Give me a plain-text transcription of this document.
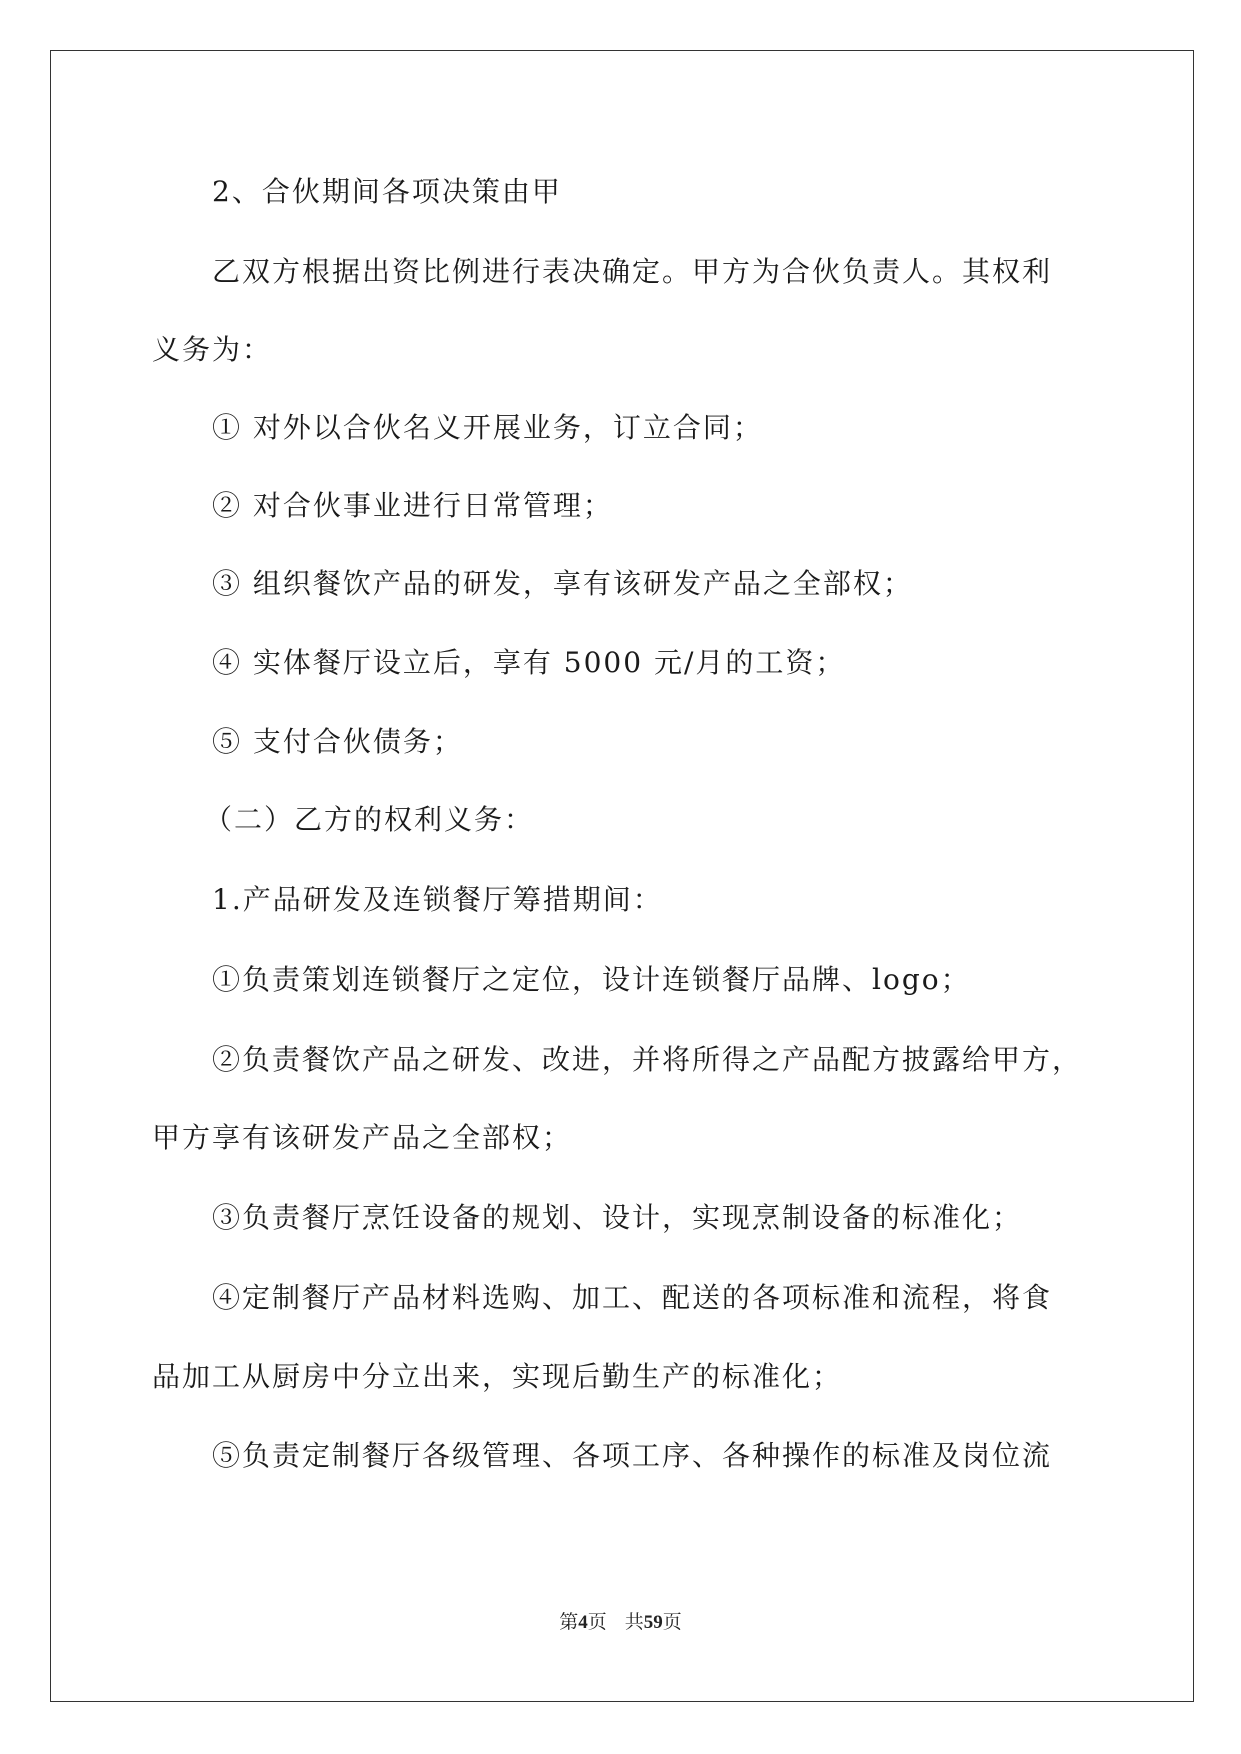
2、合伙期间各项决策由甲
乙双方根据出资比例进行表决确定。甲方为合伙负责人。其权利
义务为：
① 对外以合伙名义开展业务，订立合同；
② 对合伙事业进行日常管理；
③ 组织餐饮产品的研发，享有该研发产品之全部权；
④ 实体餐厅设立后，享有 5000 元/月的工资；
⑤ 支付合伙债务；
（二）乙方的权利义务：
1.产品研发及连锁餐厅筹措期间：
①负责策划连锁餐厅之定位，设计连锁餐厅品牌、logo；
②负责餐饮产品之研发、改进，并将所得之产品配方披露给甲方，
甲方享有该研发产品之全部权；
③负责餐厅烹饪设备的规划、设计，实现烹制设备的标准化；
④定制餐厅产品材料选购、加工、配送的各项标准和流程，将食
品加工从厨房中分立出来，实现后勤生产的标准化；
⑤负责定制餐厅各级管理、各项工序、各种操作的标准及岗位流
第4页 共59页
